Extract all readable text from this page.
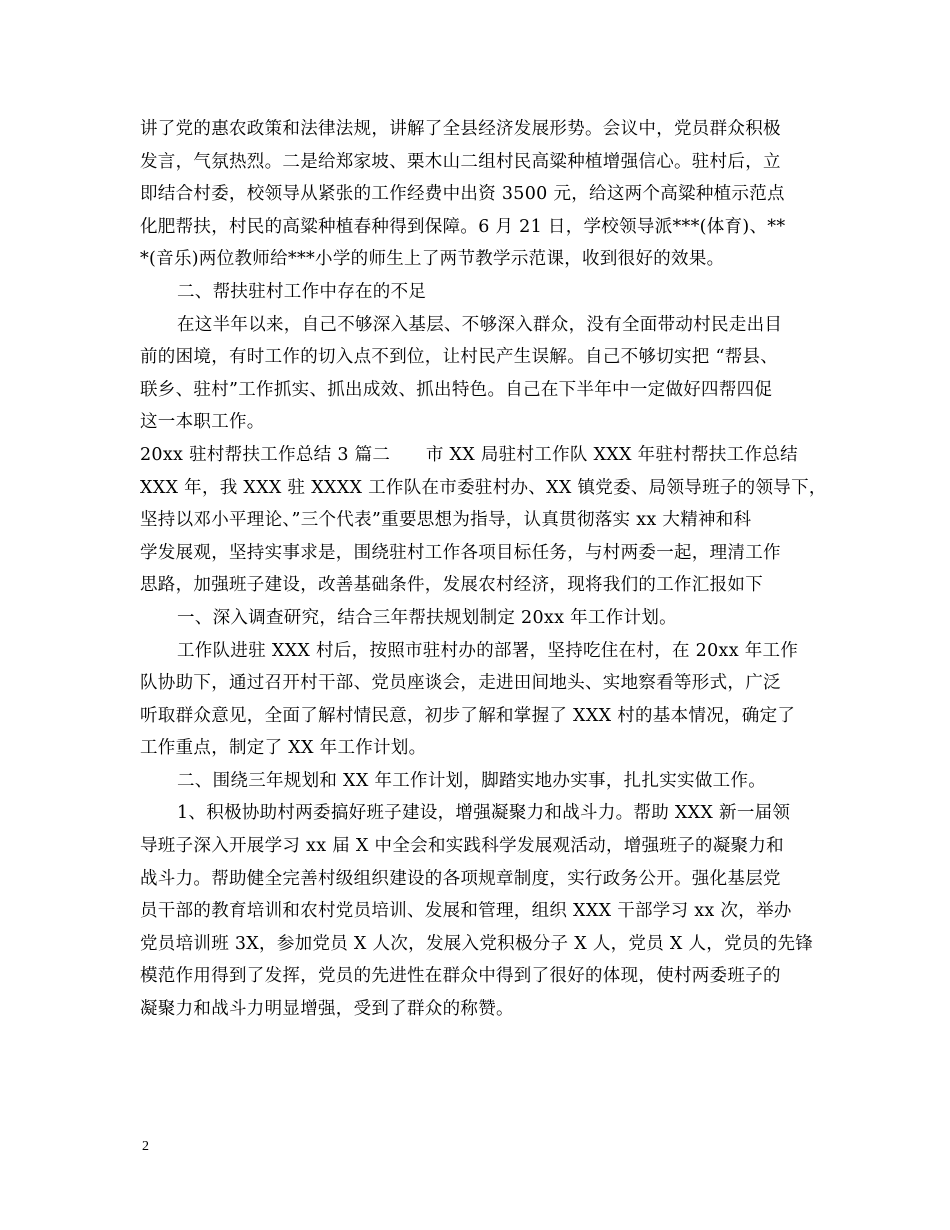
讲了党的惠农政策和法律法规，讲解了全县经济发展形势。会议中，党员群众积极
发言，气氛热烈。二是给郑家坡、栗木山二组村民高粱种植增强信心。驻村后，立
即结合村委，校领导从紧张的工作经费中出资 3500 元，给这两个高粱种植示范点
化肥帮扶，村民的高粱种植春种得到保障。6 月 21 日，学校领导派***(体育)、**
*(音乐)两位教师给***小学的师生上了两节教学示范课，收到很好的效果。
二、帮扶驻村工作中存在的不足
在这半年以来，自己不够深入基层、不够深入群众，没有全面带动村民走出目
前的困境，有时工作的切入点不到位，让村民产生误解。自己不够切实把 “帮县、
联乡、驻村”工作抓实、抓出成效、抓出特色。自己在下半年中一定做好四帮四促
这一本职工作。
20xx 驻村帮扶工作总结 3 篇二　　市 XX 局驻村工作队 XXX 年驻村帮扶工作总结
XXX 年，我 XXX 驻 XXXX 工作队在市委驻村办、XX 镇党委、局领导班子的领导下，
坚持以邓小平理论、”三个代表”重要思想为指导，认真贯彻落实 xx 大精神和科
学发展观，坚持实事求是，围绕驻村工作各项目标任务，与村两委一起，理清工作
思路，加强班子建设，改善基础条件，发展农村经济，现将我们的工作汇报如下
一、深入调查研究，结合三年帮扶规划制定 20xx 年工作计划。
工作队进驻 XXX 村后，按照市驻村办的部署，坚持吃住在村，在 20xx 年工作
队协助下，通过召开村干部、党员座谈会，走进田间地头、实地察看等形式，广泛
听取群众意见，全面了解村情民意，初步了解和掌握了 XXX 村的基本情况，确定了
工作重点，制定了 XX 年工作计划。
二、围绕三年规划和 XX 年工作计划，脚踏实地办实事，扎扎实实做工作。
1、积极协助村两委搞好班子建设，增强凝聚力和战斗力。帮助 XXX 新一届领
导班子深入开展学习 xx 届 X 中全会和实践科学发展观活动，增强班子的凝聚力和
战斗力。帮助健全完善村级组织建设的各项规章制度，实行政务公开。强化基层党
员干部的教育培训和农村党员培训、发展和管理，组织 XXX 干部学习 xx 次，举办
党员培训班 3X，参加党员 X 人次，发展入党积极分子 X 人，党员 X 人，党员的先锋
模范作用得到了发挥，党员的先进性在群众中得到了很好的体现，使村两委班子的
凝聚力和战斗力明显增强，受到了群众的称赞。
2
